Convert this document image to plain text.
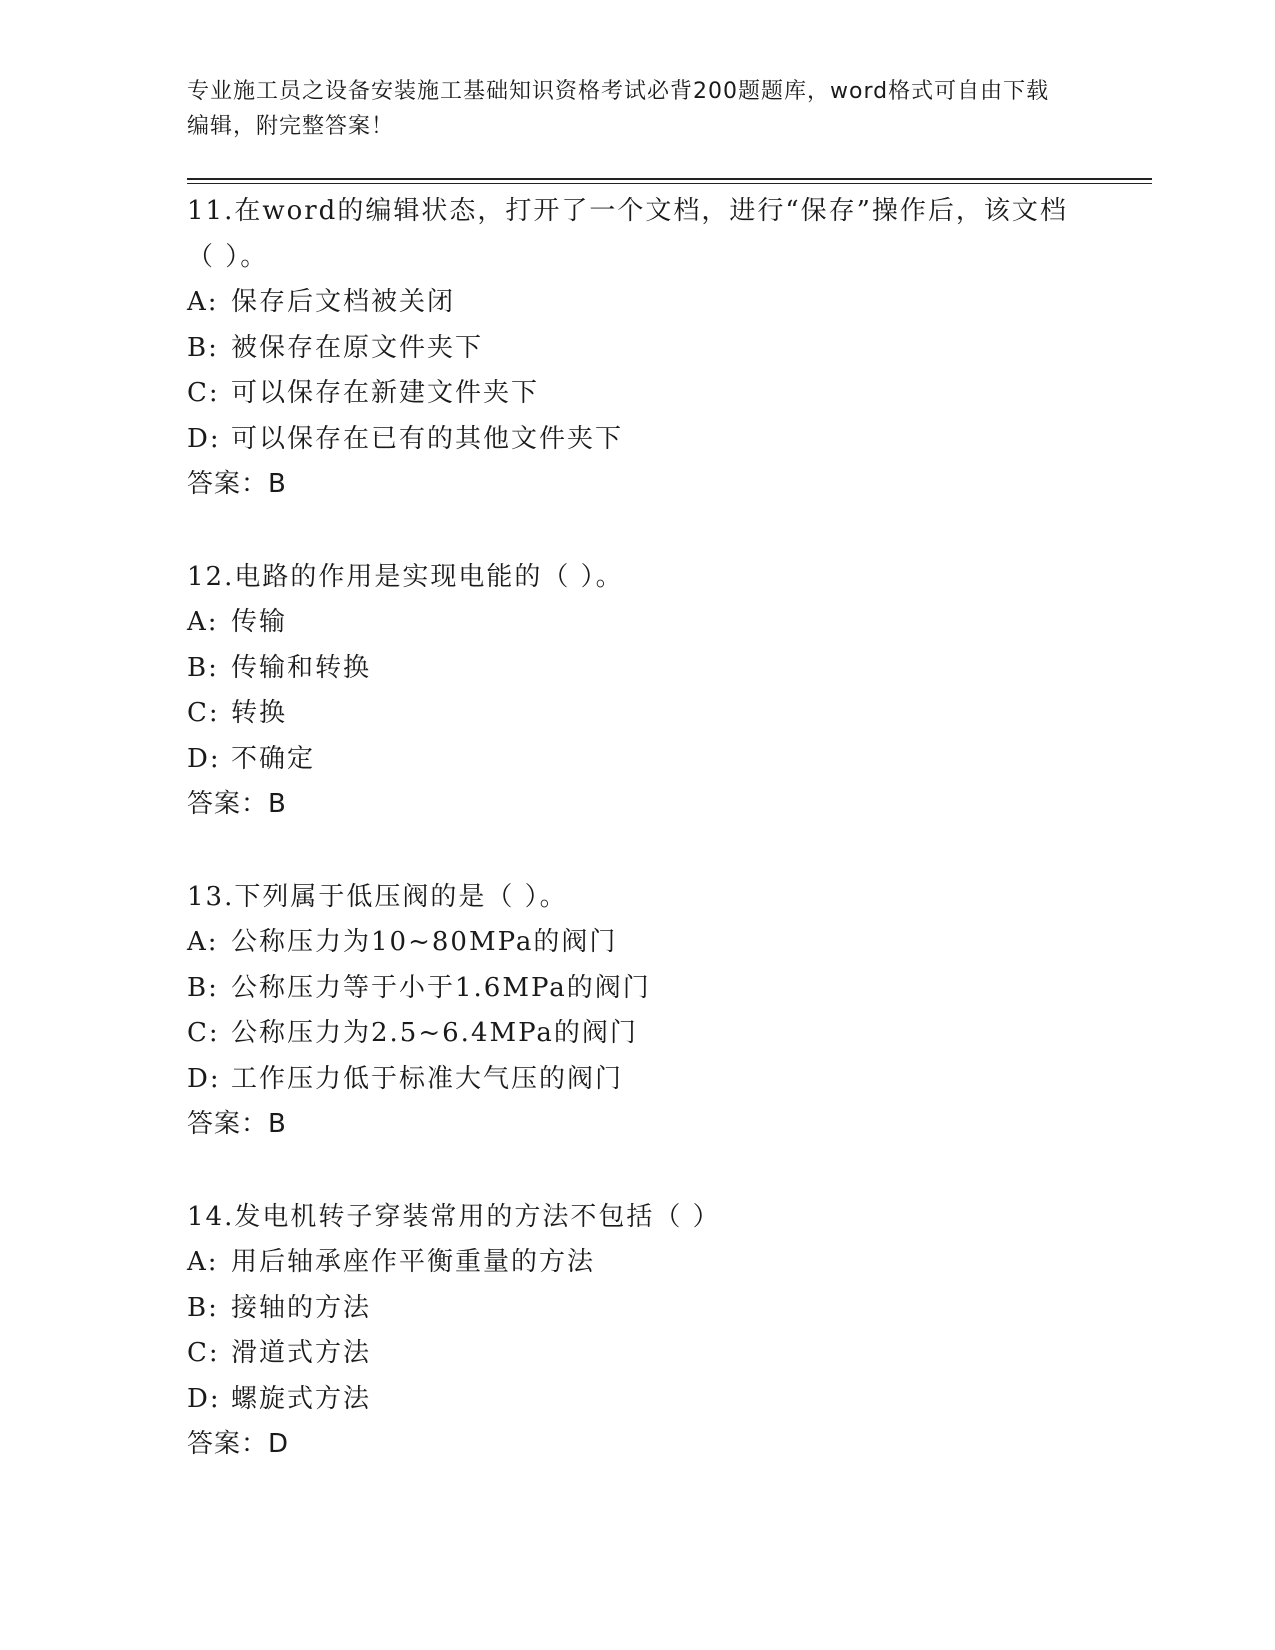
专业施工员之设备安装施工基础知识资格考试必背200题题库，word格式可自由下载编辑，附完整答案！

11.在word的编辑状态，打开了一个文档，进行“保存”操作后，该文档（ ）。

A: 保存后文档被关闭
B: 被保存在原文件夹下
C: 可以保存在新建文件夹下
D: 可以保存在已有的其他文件夹下

答案：B

12.电路的作用是实现电能的（ ）。

A: 传输
B: 传输和转换
C: 转换
D: 不确定

答案：B

13.下列属于低压阀的是（ ）。

A: 公称压力为10~80MPa的阀门
B: 公称压力等于小于1.6MPa的阀门
C: 公称压力为2.5~6.4MPa的阀门
D: 工作压力低于标准大气压的阀门

答案：B

14.发电机转子穿装常用的方法不包括（ ）

A: 用后轴承座作平衡重量的方法
B: 接轴的方法
C: 滑道式方法
D: 螺旋式方法

答案：D
